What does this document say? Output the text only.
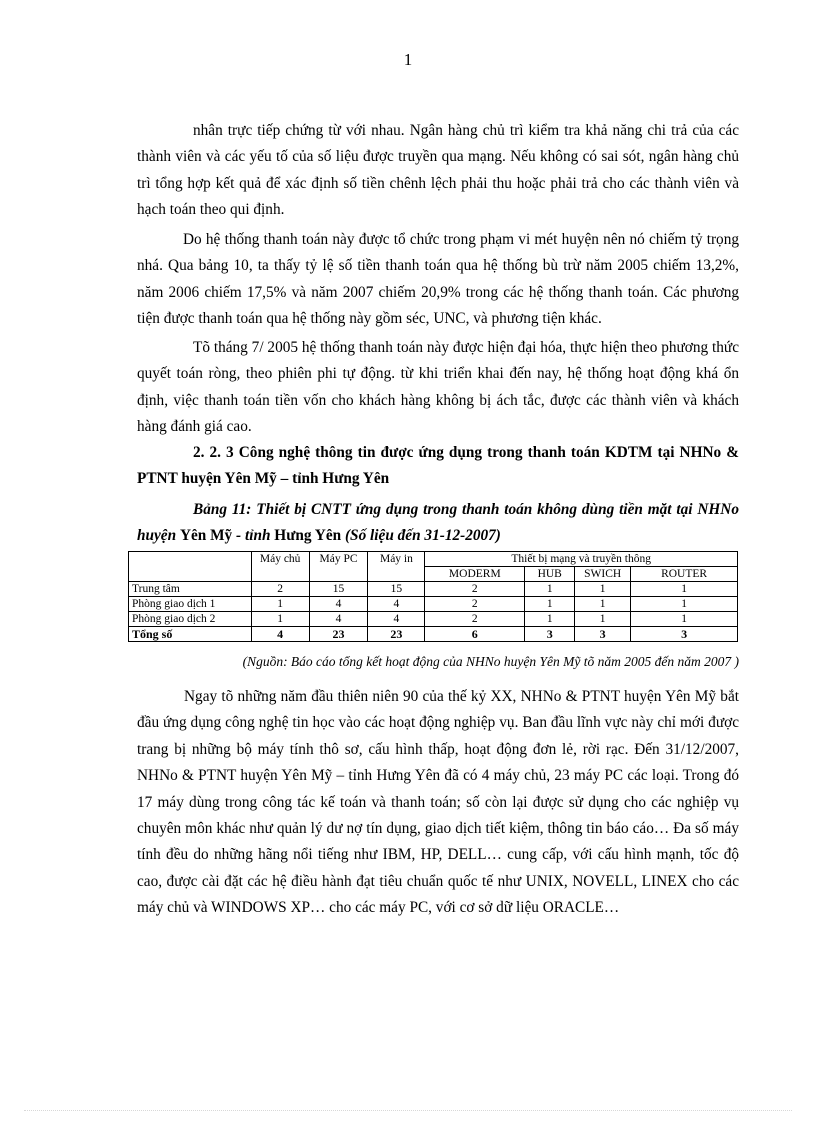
1

nhân trực tiếp chứng từ với nhau. Ngân hàng chủ trì kiểm tra khả năng chi trả của các thành viên và các yếu tố của số liệu được truyền qua mạng. Nếu không có sai sót, ngân hàng chủ trì tổng hợp kết quả để xác định số tiền chênh lệch phải thu hoặc phải trả cho các thành viên và hạch toán theo qui định.

Do hệ thống thanh toán này được tổ chức trong phạm vi mét huyện nên nó chiếm tỷ trọng nhá. Qua bảng 10, ta thấy tỷ lệ số tiền thanh toán qua hệ thống bù trừ năm 2005 chiếm 13,2%, năm 2006 chiếm 17,5% và năm 2007 chiếm 20,9% trong các hệ thống thanh toán. Các phương tiện được thanh toán qua hệ thống này gồm séc, UNC, và phương tiện khác.

Tõ tháng 7/ 2005 hệ thống thanh toán này được hiện đại hóa, thực hiện theo phương thức quyết toán ròng, theo phiên phi tự động. từ khi triển khai đến nay, hệ thống hoạt động khá ổn định, việc thanh toán tiền vốn cho khách hàng không bị ách tắc, được các thành viên và khách hàng đánh giá cao.

2. 2. 3 Công nghệ thông tin được ứng dụng trong thanh toán KDTM tại NHNo & PTNT huyện Yên Mỹ – tỉnh Hưng Yên
Bảng 11: Thiết bị CNTT ứng dụng trong thanh toán không dùng tiền mặt tại NHNo huyện Yên Mỹ - tỉnh Hưng Yên (Số liệu đến 31-12-2007)
	Máy chủ	Máy PC	Máy in	Thiết bị mạng và truyền thông			
				MODERM	HUB	SWICH	ROUTER
Trung tâm	2	15	15	2	1	1	1
Phòng giao dịch 1	1	4	4	2	1	1	1
Phòng giao dịch 2	1	4	4	2	1	1	1
Tổng số	4	23	23	6	3	3	3
(Nguồn: Báo cáo tổng kết hoạt động của NHNo huyện Yên Mỹ tõ năm 2005 đến năm 2007 )

Ngay tõ những năm đầu thiên niên 90 của thế kỷ XX, NHNo & PTNT huyện Yên Mỹ bắt đầu ứng dụng công nghệ tin học vào các hoạt động nghiệp vụ. Ban đầu lĩnh vực này chỉ mới được trang bị những bộ máy tính thô sơ, cấu hình thấp, hoạt động đơn lẻ, rời rạc. Đến 31/12/2007, NHNo & PTNT huyện Yên Mỹ – tỉnh Hưng Yên đã có 4 máy chủ, 23 máy PC các loại. Trong đó 17 máy dùng trong công tác kế toán và thanh toán; số còn lại được sử dụng cho các nghiệp vụ chuyên môn khác như quản lý dư nợ tín dụng, giao dịch tiết kiệm, thông tin báo cáo… Đa số máy tính đều do những hãng nổi tiếng như IBM, HP, DELL… cung cấp, với cấu hình mạnh, tốc độ cao, được cài đặt các hệ điều hành đạt tiêu chuẩn quốc tế như UNIX, NOVELL, LINEX cho các máy chủ và WINDOWS XP… cho các máy PC, với cơ sở dữ liệu ORACLE…
